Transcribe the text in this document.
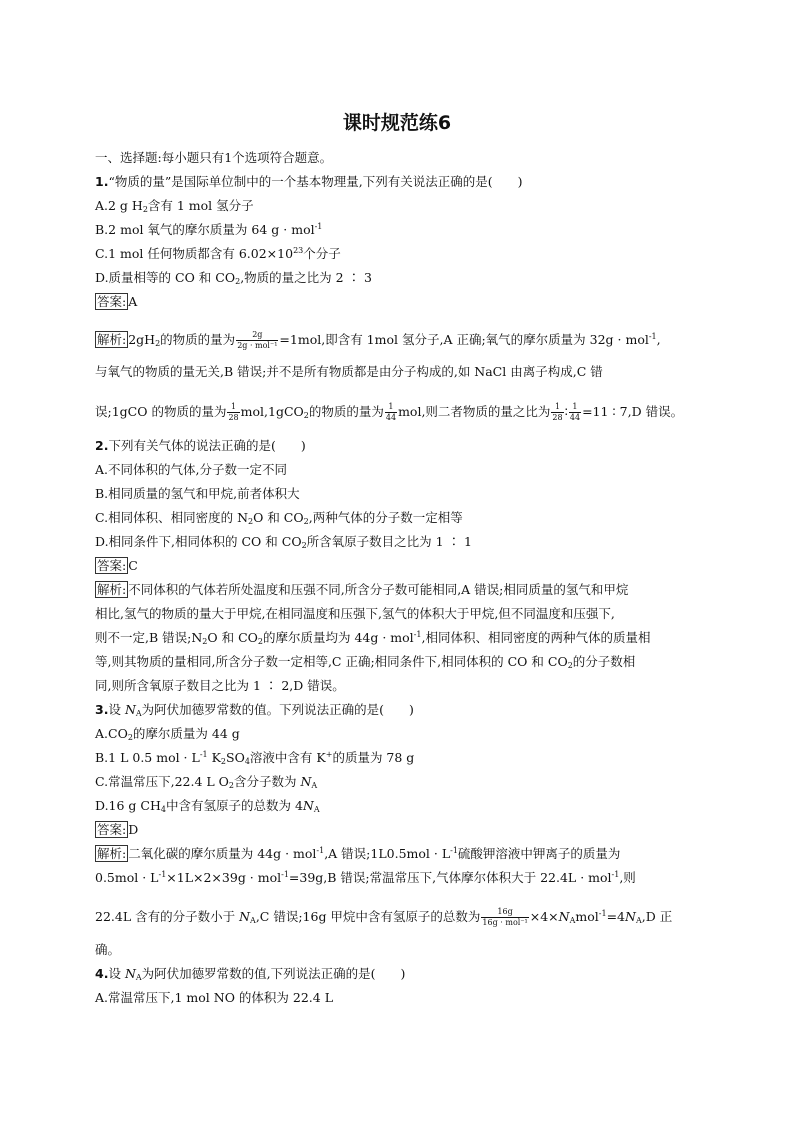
课时规范练6
一、选择题:每小题只有1个选项符合题意。
1.“物质的量”是国际单位制中的一个基本物理量,下列有关说法正确的是(　　)
A.2 g $H_2$含有 1 mol 氢分子
B.2 mol 氧气的摩尔质量为 64 g · mol$^{-1}$
C.1 mol 任何物质都含有 $6.02\times 10^{23}$个分子
D.质量相等的 CO 和 $CO_2$,物质的量之比为 2 ∶ 3
答案: A
解析: $2gH_2$的物质的量为 $\frac{2g}{\text{2g · mol⁻¹}} =1mol$,即含有 1mol 氢分子,A 正确;氧气的摩尔质量为 32g · mol$^{-1}$,
与氧气的物质的量无关,B 错误;并不是所有物质都是由分子构成的,如 NaCl 由离子构成,C 错
误;1gCO 的物质的量为 $\frac{1}{28} mol,1gCO_2$的物质的量为 $\frac{1}{44}$ mol,则二者物质的量之比为 $\frac{1}{28}$ ∶ $\frac{1}{44} =11$ ∶ 7,D 错误。
2.下列有关气体的说法正确的是(　　)
A.不同体积的气体,分子数一定不同
B.相同质量的氢气和甲烷,前者体积大
C.相同体积、相同密度的 $N_2O$ 和 $CO_2$,两种气体的分子数一定相等
D.相同条件下,相同体积的 CO 和 $CO_2$所含氧原子数目之比为 1 ∶ 1
答案: C
解析: 不同体积的气体若所处温度和压强不同,所含分子数可能相同,A 错误;相同质量的氢气和甲烷
相比,氢气的物质的量大于甲烷,在相同温度和压强下,氢气的体积大于甲烷,但不同温度和压强下,
则不一定,B 错误$;N_2O$ 和 $CO_2$的摩尔质量均为 44g · mol$^{-1}$,相同体积、相同密度的两种气体的质量相
等,则其物质的量相同,所含分子数一定相等,C 正确;相同条件下,相同体积的 CO 和 $CO_2$的分子数相
同,则所含氧原子数目之比为 1 ∶ 2,D 错误。
3.设 $N_A$为阿伏加德罗常数的值。下列说法正确的是(　　)
$A.CO_2$的摩尔质量为 44 g
B.1 L 0.5 mol · $L^{-1}$ $K_2SO_4$溶液中含有 K+的质量为 78 g
C.常温常压下,22.4 L $O_2$含分子数为 $N_A$
D.16 g $CH_4$中含有氢原子的总数为 $4N_A$
答案: D
解析: 二氧化碳的摩尔质量为 44g · mol$^{-1}$,A 错误;1L0.5mol · $L^{-1}$硫酸钾溶液中钾离子的质量为
$0.5mol \cdot L^{-1}\times 1L\times 2\times 39g \cdot mol^{-1}=39g,B$ 错误;常温常压下,气体摩尔体积大于 22.4L · mol$^{-1}$,则
22.4L 含有的分子数小于 $N_A,C$ 错误;16g 甲烷中含有氢原子的总数为 $\frac{16g}{\text{16g · mol⁻¹}} \times 4\times N_Amol^{-1}=4N_A,D$ 正
确。
4.设 $N_A$为阿伏加德罗常数的值,下列说法正确的是(　　)
A.常温常压下,1 mol NO 的体积为 22.4 L
